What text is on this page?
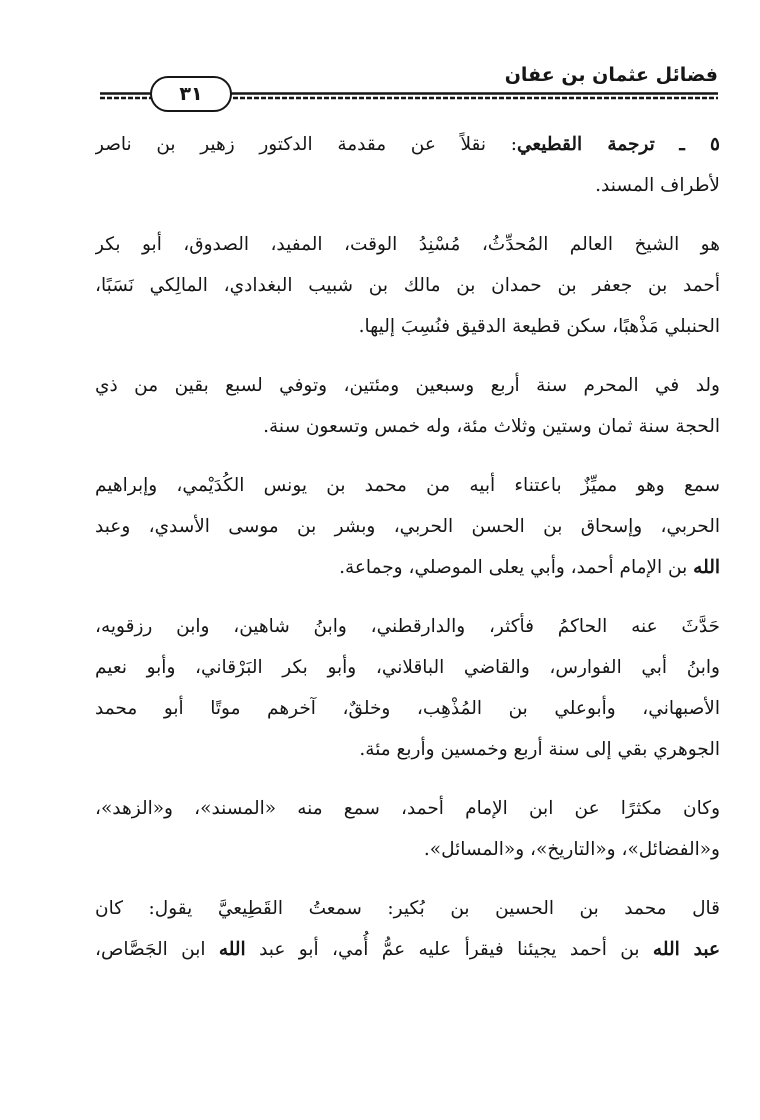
فضائل عثمان بن عفان
٣١

٥ ـ ترجمة القطيعي: نقلاً عن مقدمة الدكتور زهير بن ناصر
لأطراف المسند.

هو الشيخ العالم المُحدِّثُ، مُسْنِدُ الوقت، المفيد، الصدوق، أبو بكر
أحمد بن جعفر بن حمدان بن مالك بن شبيب البغدادي، المالِكي نَسَبًا،
الحنبلي مَذْهبًا، سكن قطيعة الدقيق فنُسِبَ إليها.

ولد في المحرم سنة أربع وسبعين ومئتين، وتوفي لسبع بقين من ذي
الحجة سنة ثمان وستين وثلاث مئة، وله خمس وتسعون سنة.

سمع وهو مميِّزٌ باعتناء أبيه من محمد بن يونس الكُدَيْمي، وإبراهيم
الحربي، وإسحاق بن الحسن الحربي، وبشر بن موسى الأسدي، وعبد
الله بن الإمام أحمد، وأبي يعلى الموصلي، وجماعة.

حَدَّثَ عنه الحاكمُ فأكثر، والدارقطني، وابنُ شاهين، وابن رزقويه،
وابنُ أبي الفوارس، والقاضي الباقلاني، وأبو بكر البَرْقاني، وأبو نعيم
الأصبهاني، وأبوعلي بن المُذْهِب، وخلقٌ، آخرهم موتًا أبو محمد
الجوهري بقي إلى سنة أربع وخمسين وأربع مئة.

وكان مكثرًا عن ابن الإمام أحمد، سمع منه «المسند»، و«الزهد»،
و«الفضائل»، و«التاريخ»، و«المسائل».

قال محمد بن الحسين بن بُكير: سمعتُ القَطِيعيَّ يقول: كان
عبد الله بن أحمد يجيئنا فيقرأ عليه عمُّ أُمي، أبو عبد الله ابن الجَصَّاص،
